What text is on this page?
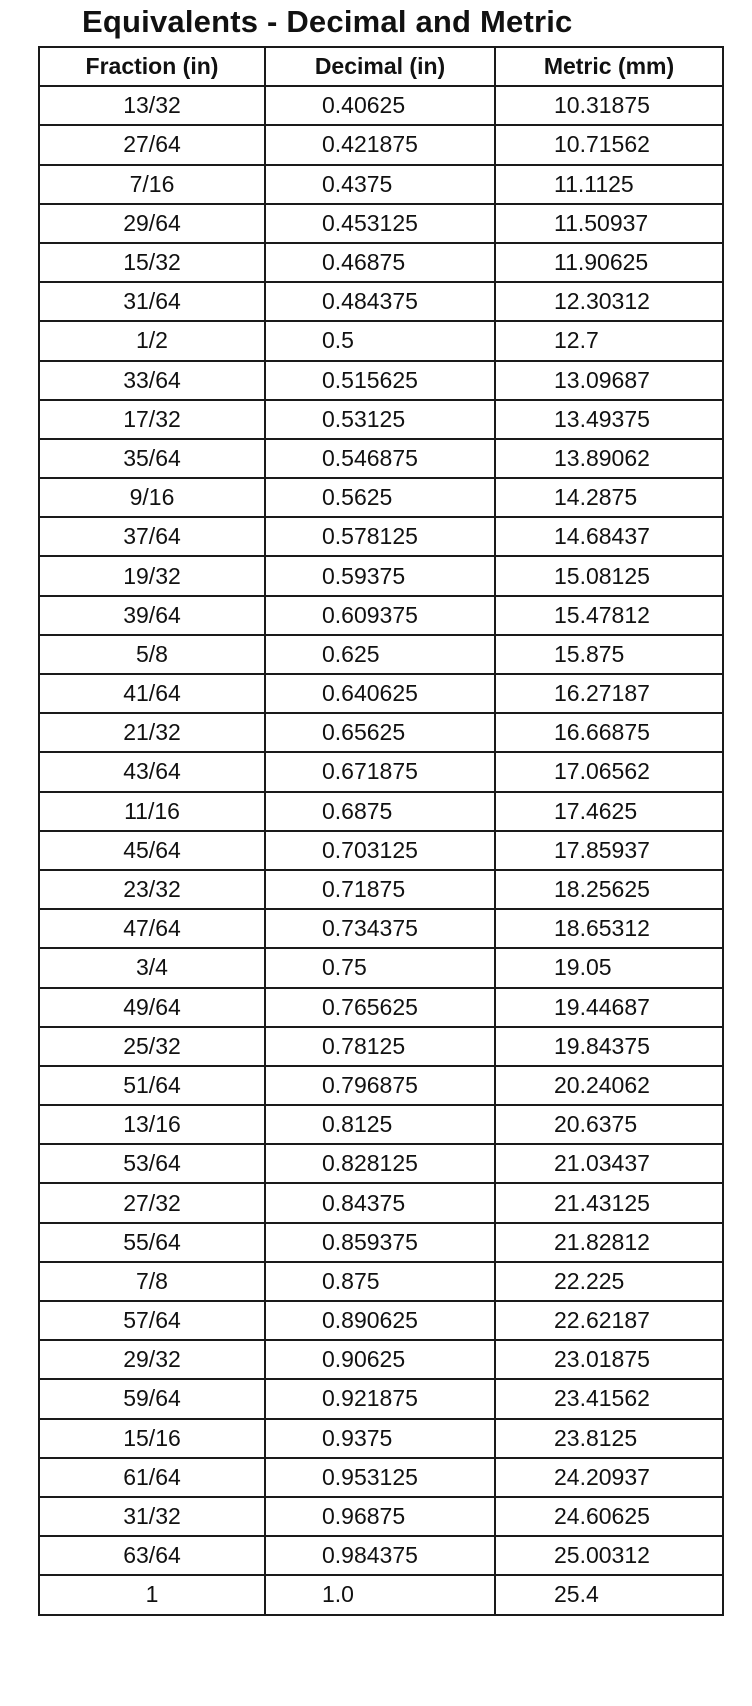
Equivalents - Decimal and Metric
Fraction (in)	Decimal (in)	Metric (mm)
13/32	0.40625	10.31875
27/64	0.421875	10.71562
7/16	0.4375	11.1125
29/64	0.453125	11.50937
15/32	0.46875	11.90625
31/64	0.484375	12.30312
1/2	0.5	12.7
33/64	0.515625	13.09687
17/32	0.53125	13.49375
35/64	0.546875	13.89062
9/16	0.5625	14.2875
37/64	0.578125	14.68437
19/32	0.59375	15.08125
39/64	0.609375	15.47812
5/8	0.625	15.875
41/64	0.640625	16.27187
21/32	0.65625	16.66875
43/64	0.671875	17.06562
11/16	0.6875	17.4625
45/64	0.703125	17.85937
23/32	0.71875	18.25625
47/64	0.734375	18.65312
3/4	0.75	19.05
49/64	0.765625	19.44687
25/32	0.78125	19.84375
51/64	0.796875	20.24062
13/16	0.8125	20.6375
53/64	0.828125	21.03437
27/32	0.84375	21.43125
55/64	0.859375	21.82812
7/8	0.875	22.225
57/64	0.890625	22.62187
29/32	0.90625	23.01875
59/64	0.921875	23.41562
15/16	0.9375	23.8125
61/64	0.953125	24.20937
31/32	0.96875	24.60625
63/64	0.984375	25.00312
1	1.0	25.4
